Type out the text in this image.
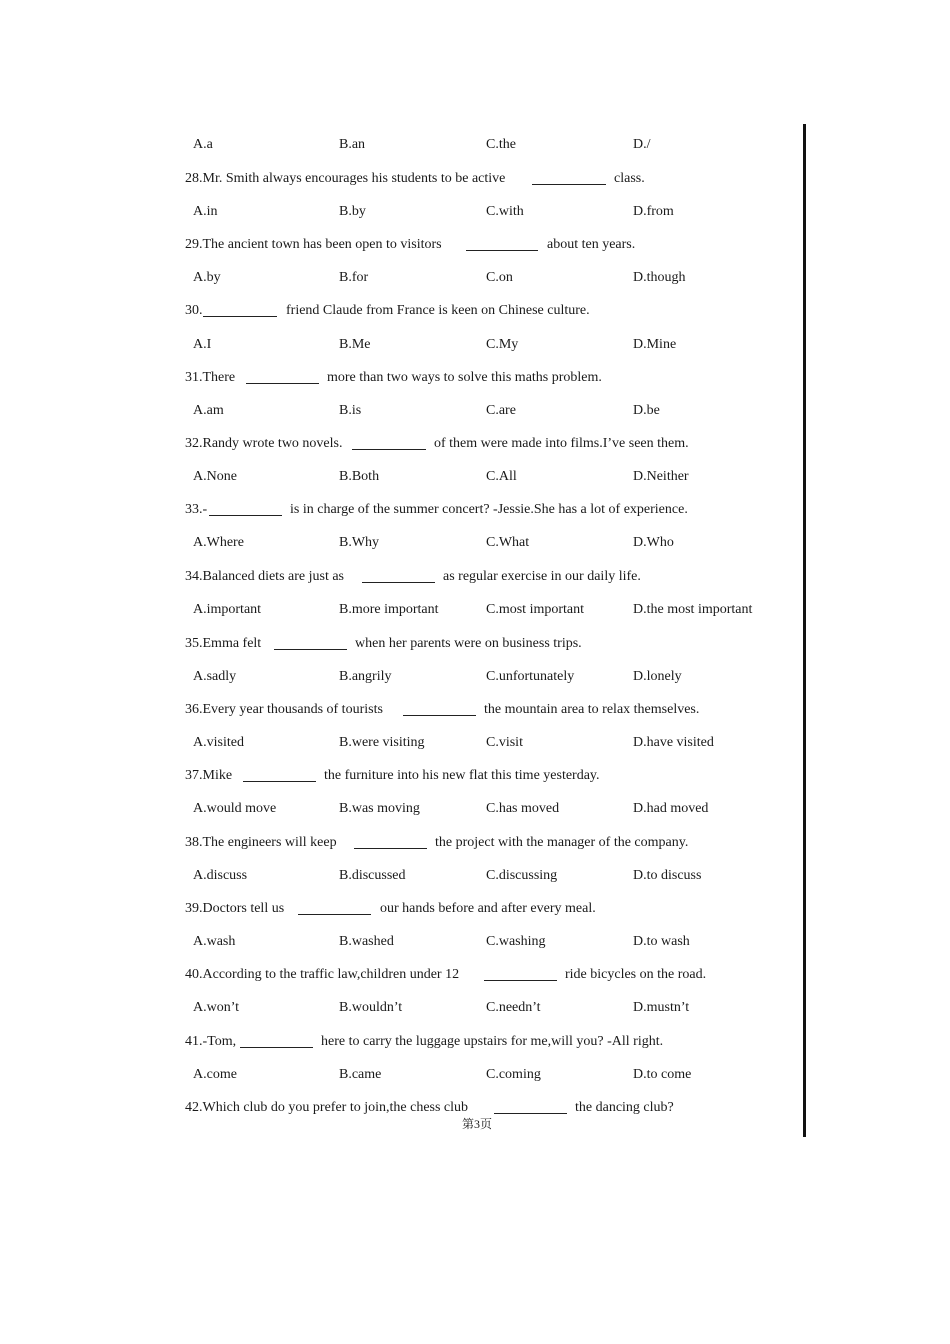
A.a	B.an	C.the	D./
28.Mr. Smith always encourages his students to be active	class.
A.in	B.by	C.with	D.from
29.The ancient town has been open to visitors	about ten years.
A.by	B.for	C.on	D.though
30.	friend Claude from France is keen on Chinese culture.
A.I	B.Me	C.My	D.Mine
31.There	more than two ways to solve this maths problem.
A.am	B.is	C.are	D.be
32.Randy wrote two novels.	of them were made into films.I’ve seen them.
A.None	B.Both	C.All	D.Neither
33.-	is in charge of the summer concert? -Jessie.She has a lot of experience.
A.Where	B.Why	C.What	D.Who
34.Balanced diets are just as	as regular exercise in our daily life.
A.important	B.more important	C.most important	D.the most important
35.Emma felt	when her parents were on business trips.
A.sadly	B.angrily	C.unfortunately	D.lonely
36.Every year thousands of tourists	the mountain area to relax themselves.
A.visited	B.were visiting	C.visit	D.have visited
37.Mike	the furniture into his new flat this time yesterday.
A.would move	B.was moving	C.has moved	D.had moved
38.The engineers will keep	the project with the manager of the company.
A.discuss	B.discussed	C.discussing	D.to discuss
39.Doctors tell us	our hands before and after every meal.
A.wash	B.washed	C.washing	D.to wash
40.According to the traffic law,children under 12	ride bicycles on the road.
A.won’t	B.wouldn’t	C.needn’t	D.mustn’t
41.-Tom,	here to carry the luggage upstairs for me,will you? -All right.
A.come	B.came	C.coming	D.to come
42.Which club do you prefer to join,the chess club	the dancing club?
第3页
